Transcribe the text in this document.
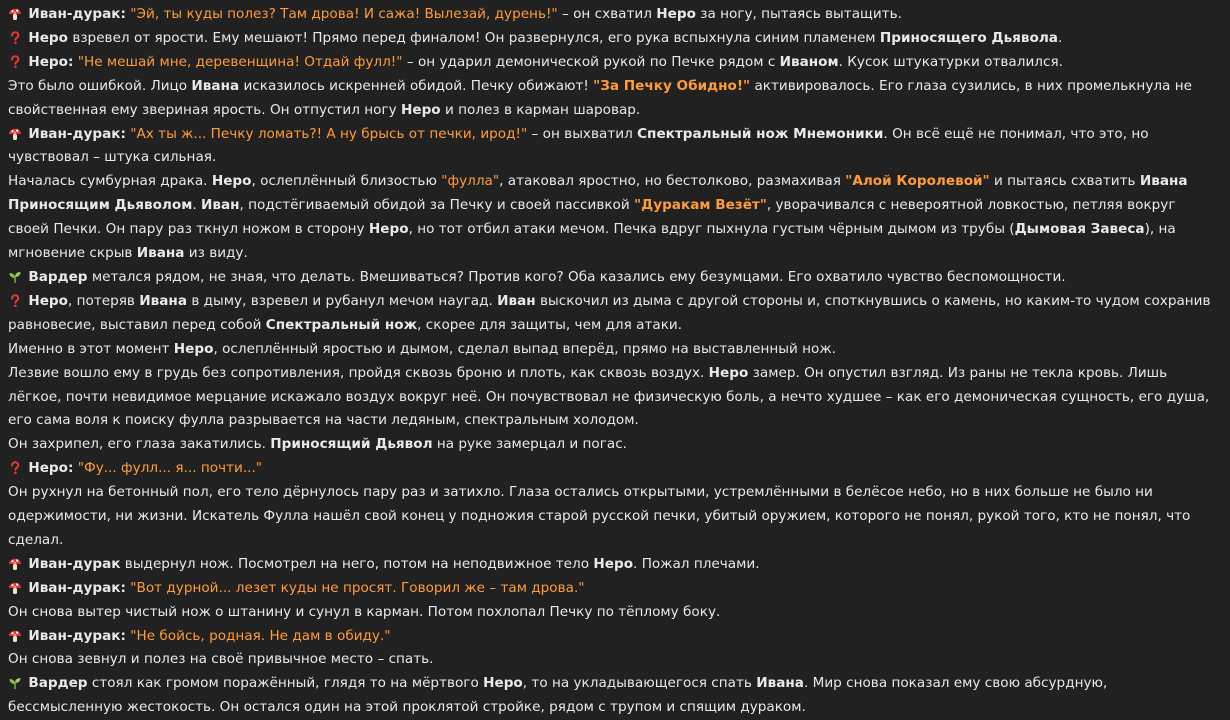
Иван-дурак: "Эй, ты куды полез? Там дрова! И сажа! Вылезай, дурень!" – он схватил Неро за ногу, пытаясь вытащить.

Неро взревел от ярости. Ему мешают! Прямо перед финалом! Он развернулся, его рука вспыхнула синим пламенем Приносящего Дьявола.

Неро: "Не мешай мне, деревенщина! Отдай фулл!" – он ударил демонической рукой по Печке рядом с Иваном. Кусок штукатурки отвалился.

Это было ошибкой. Лицо Ивана исказилось искренней обидой. Печку обижают! "За Печку Обидно!" активировалось. Его глаза сузились, в них промелькнула не свойственная ему звериная ярость. Он отпустил ногу Неро и полез в карман шаровар.

Иван-дурак: "Ах ты ж... Печку ломать?! А ну брысь от печки, ирод!" – он выхватил Спектральный нож Мнемоники. Он всё ещё не понимал, что это, но чувствовал – штука сильная.

Началась сумбурная драка. Неро, ослеплённый близостью "фулла", атаковал яростно, но бестолково, размахивая "Алой Королевой" и пытаясь схватить Ивана Приносящим Дьяволом. Иван, подстёгиваемый обидой за Печку и своей пассивкой "Дуракам Везёт", уворачивался с невероятной ловкостью, петляя вокруг своей Печки. Он пару раз ткнул ножом в сторону Неро, но тот отбил атаки мечом. Печка вдруг пыхнула густым чёрным дымом из трубы (Дымовая Завеса), на мгновение скрыв Ивана из виду.

Вардер метался рядом, не зная, что делать. Вмешиваться? Против кого? Оба казались ему безумцами. Его охватило чувство беспомощности.

Неро, потеряв Ивана в дыму, взревел и рубанул мечом наугад. Иван выскочил из дыма с другой стороны и, споткнувшись о камень, но каким-то чудом сохранив равновесие, выставил перед собой Спектральный нож, скорее для защиты, чем для атаки.

Именно в этот момент Неро, ослеплённый яростью и дымом, сделал выпад вперёд, прямо на выставленный нож.

Лезвие вошло ему в грудь без сопротивления, пройдя сквозь броню и плоть, как сквозь воздух. Неро замер. Он опустил взгляд. Из раны не текла кровь. Лишь лёгкое, почти невидимое мерцание искажало воздух вокруг неё. Он почувствовал не физическую боль, а нечто худшее – как его демоническая сущность, его душа, его сама воля к поиску фулла разрывается на части ледяным, спектральным холодом.

Он захрипел, его глаза закатились. Приносящий Дьявол на руке замерцал и погас.

Неро: "Фу... фулл... я... почти..."

Он рухнул на бетонный пол, его тело дёрнулось пару раз и затихло. Глаза остались открытыми, устремлёнными в белёсое небо, но в них больше не было ни одержимости, ни жизни. Искатель Фулла нашёл свой конец у подножия старой русской печки, убитый оружием, которого не понял, рукой того, кто не понял, что сделал.

Иван-дурак выдернул нож. Посмотрел на него, потом на неподвижное тело Неро. Пожал плечами.

Иван-дурак: "Вот дурной... лезет куды не просят. Говорил же – там дрова."

Он снова вытер чистый нож о штанину и сунул в карман. Потом похлопал Печку по тёплому боку.

Иван-дурак: "Не бойсь, родная. Не дам в обиду."

Он снова зевнул и полез на своё привычное место – спать.

Вардер стоял как громом поражённый, глядя то на мёртвого Неро, то на укладывающегося спать Ивана. Мир снова показал ему свою абсурдную, бессмысленную жестокость. Он остался один на этой проклятой стройке, рядом с трупом и спящим дураком.
